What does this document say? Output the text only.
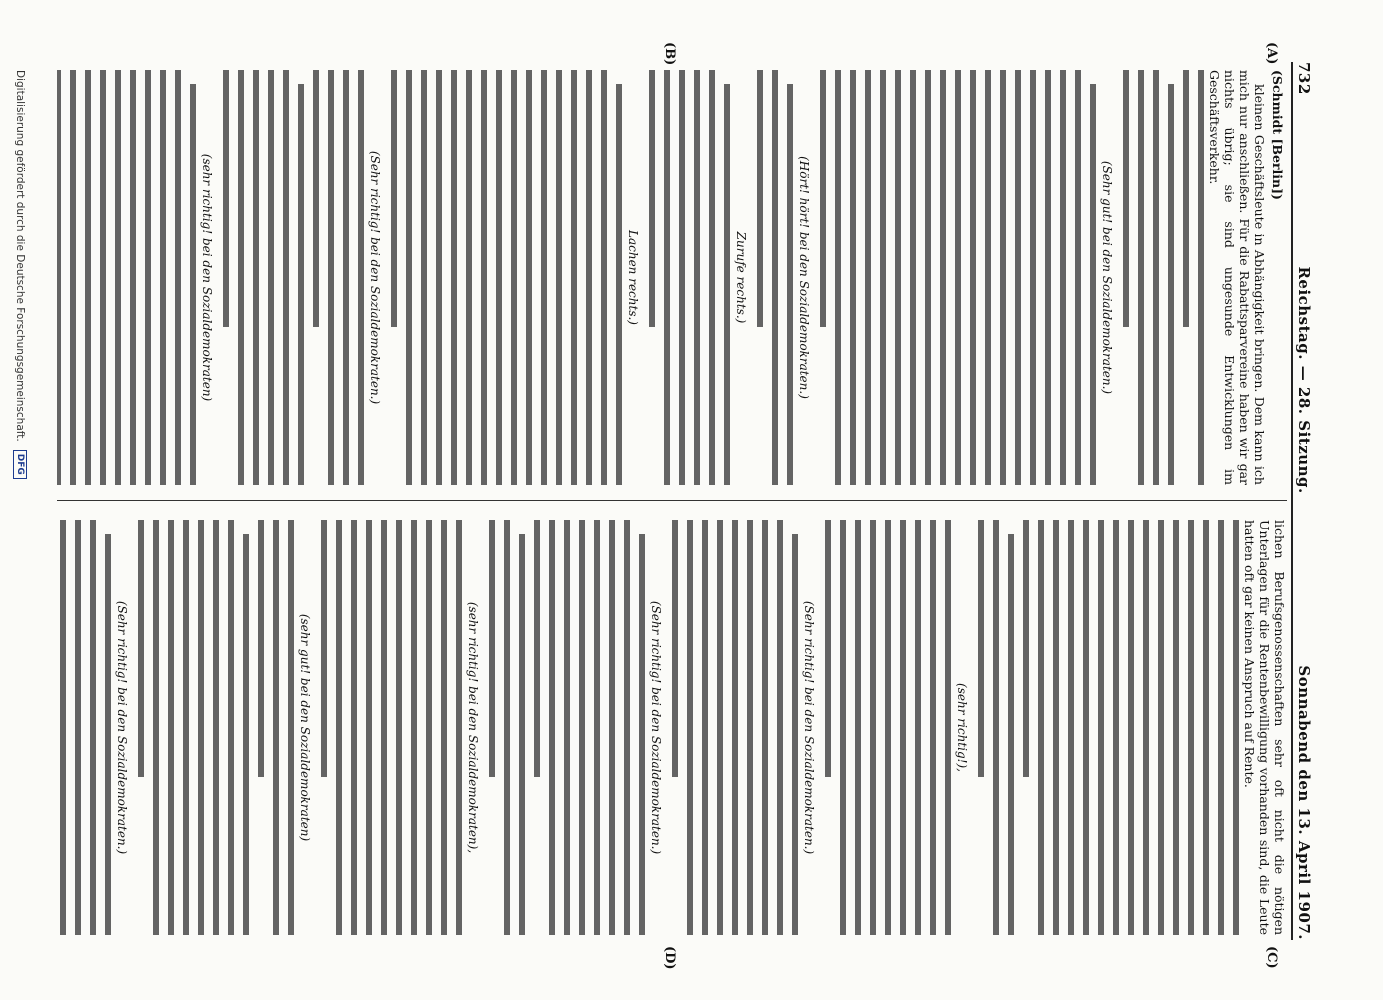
732
Reichstag. — 28. Sitzung.
Sonnabend den 13. April 1907.
(A)
(B)
(C)
(D)
(Schmidt [Berlin])
kleinen Geschäftsleute in Abhängigkeit bringen. Dem kann ich mich nur anschließen. Für die Rabattsparvereine haben wir gar nichts übrig; sie sind ungesunde Entwicklungen im Geschäftsverkehr.
(Sehr gut! bei den Sozialdemokraten.)
(Hört! hört! bei den Sozialdemokraten.)
Zurufe rechts.)
Lachen rechts.)
(Sehr richtig! bei den Sozialdemokraten.)
(sehr richtig! bei den Sozialdemokraten)
lichen Berufsgenossenschaften sehr oft nicht die nötigen Unterlagen für die Rentenbewilligung vorhanden sind, die Leute hatten oft gar keinen Anspruch auf Rente.
(sehr richtig!),
(Sehr richtig! bei den Sozialdemokraten.)
(Sehr richtig! bei den Sozialdemokraten.)
(sehr richtig! bei den Sozialdemokraten),
(sehr gut! bei den Sozialdemokraten)
(Sehr richtig! bei den Sozialdemokraten.)
Digitalisierung gefördert durch die Deutsche Forschungsgemeinschaft.
DFG
